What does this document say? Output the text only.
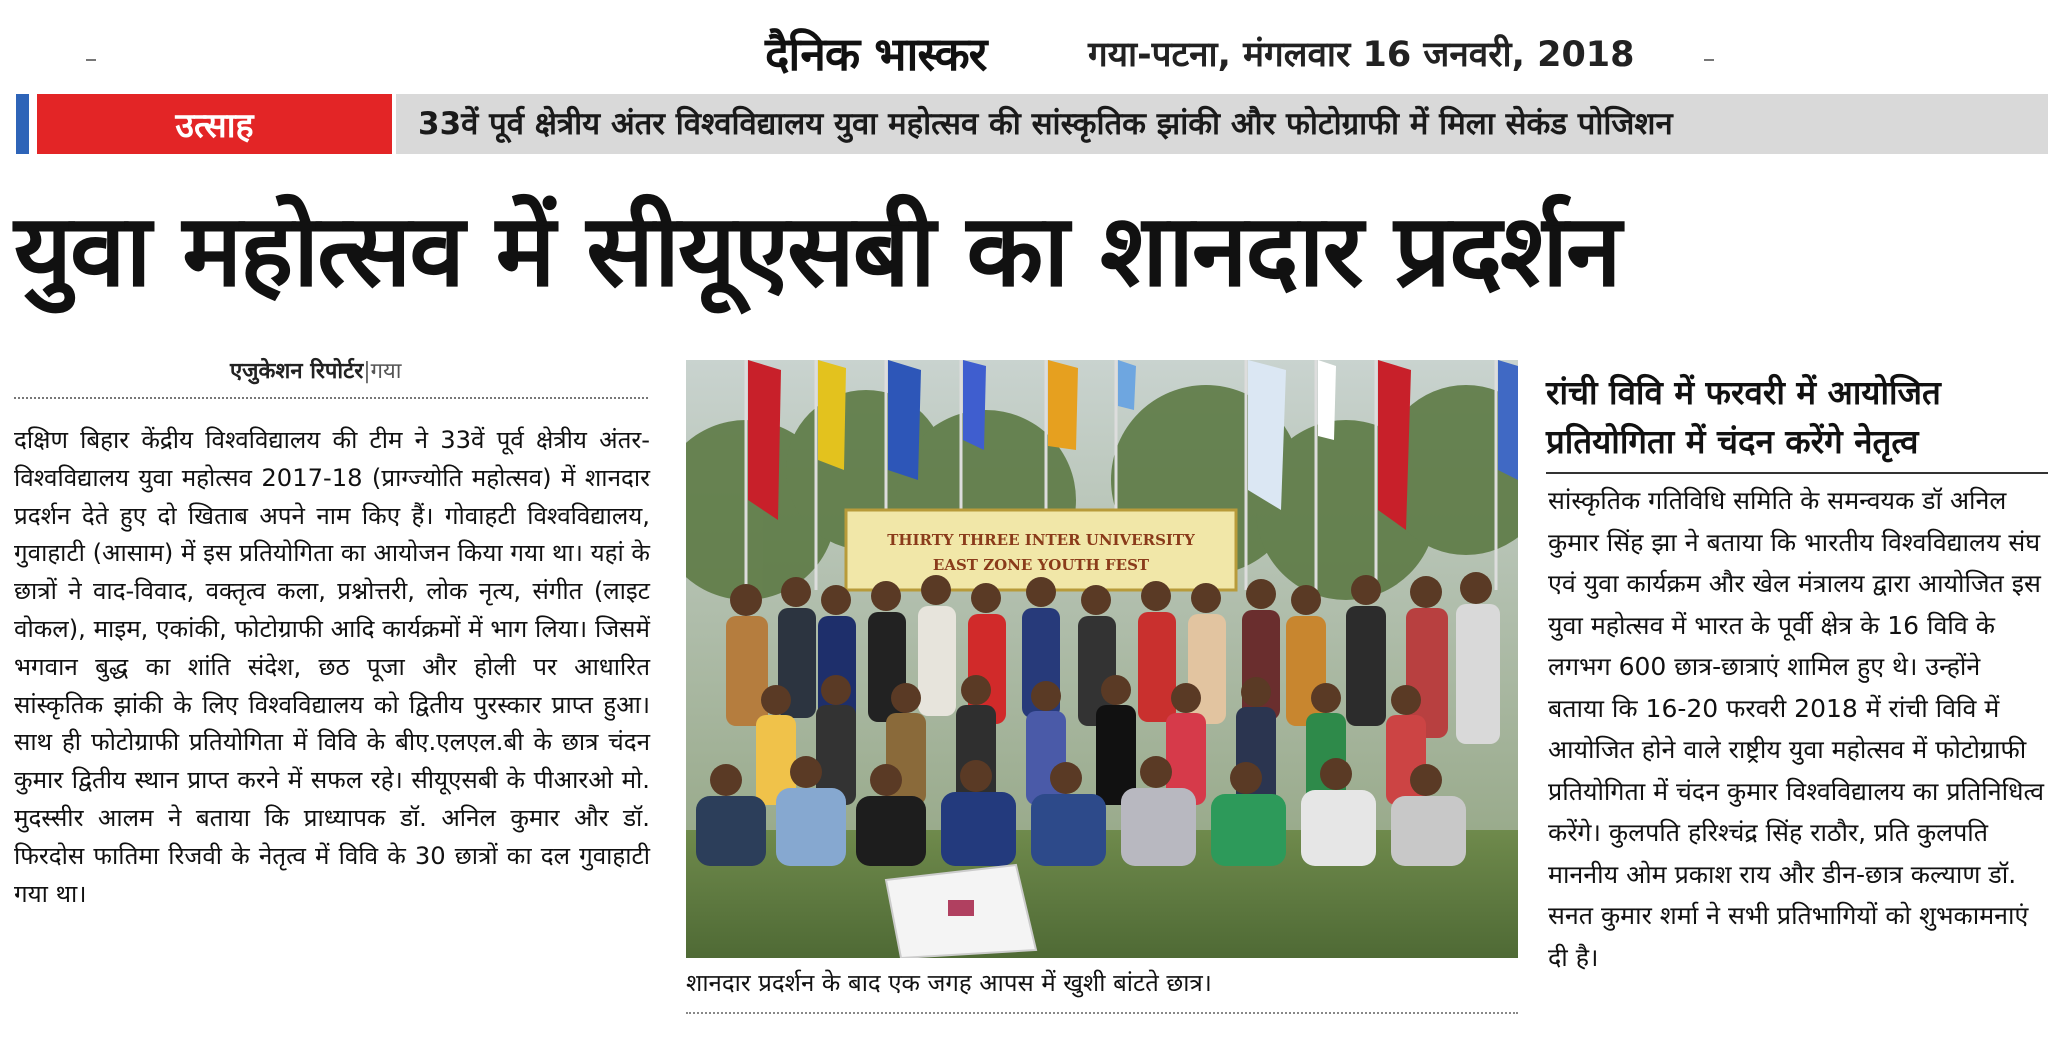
दैनिक भास्कर	गया-पटना, मंगलवार 16 जनवरी, 2018
उत्साह	33वें पूर्व क्षेत्रीय अंतर विश्वविद्यालय युवा महोत्सव की सांस्कृतिक झांकी और फोटोग्राफी में मिला सेकंड पोजिशन
युवा महोत्सव में सीयूएसबी का शानदार प्रदर्शन
एजुकेशन रिपोर्टर|गया
दक्षिण बिहार केंद्रीय विश्वविद्यालय की टीम ने 33वें पूर्व क्षेत्रीय अंतर-विश्वविद्यालय युवा महोत्सव 2017-18 (प्राग्ज्योति महोत्सव) में शानदार प्रदर्शन देते हुए दो खिताब अपने नाम किए हैं। गोवाहटी विश्वविद्यालय, गुवाहाटी (आसाम) में इस प्रतियोगिता का आयोजन किया गया था। यहां के छात्रों ने वाद-विवाद, वक्तृत्व कला, प्रश्नोत्तरी, लोक नृत्य, संगीत (लाइट वोकल), माइम, एकांकी, फोटोग्राफी आदि कार्यक्रमों में भाग लिया। जिसमें भगवान बुद्ध का शांति संदेश, छठ पूजा और होली पर आधारित सांस्कृतिक झांकी के लिए विश्वविद्यालय को द्वितीय पुरस्कार प्राप्त हुआ। साथ ही फोटोग्राफी प्रतियोगिता में विवि के बीए.एलएल.बी के छात्र चंदन कुमार द्वितीय स्थान प्राप्त करने में सफल रहे। सीयूएसबी के पीआरओ मो. मुदस्सीर आलम ने बताया कि प्राध्यापक डॉ. अनिल कुमार और डॉ. फिरदोस फातिमा रिजवी के नेतृत्व में विवि के 30 छात्रों का दल गुवाहाटी गया था।
THIRTY THREE INTER UNIVERSITY
EAST ZONE YOUTH FEST
शानदार प्रदर्शन के बाद एक जगह आपस में खुशी बांटते छात्र।
रांची विवि में फरवरी में आयोजित प्रतियोगिता में चंदन करेंगे नेतृत्व
सांस्कृतिक गतिविधि समिति के समन्वयक डॉ अनिल कुमार सिंह झा ने बताया कि भारतीय विश्वविद्यालय संघ एवं युवा कार्यक्रम और खेल मंत्रालय द्वारा आयोजित इस युवा महोत्सव में भारत के पूर्वी क्षेत्र के 16 विवि के लगभग 600 छात्र-छात्राएं शामिल हुए थे। उन्होंने बताया कि 16-20 फरवरी 2018 में रांची विवि में आयोजित होने वाले राष्ट्रीय युवा महोत्सव में फोटोग्राफी प्रतियोगिता में चंदन कुमार विश्वविद्यालय का प्रतिनिधित्व करेंगे। कुलपति हरिश्चंद्र सिंह राठौर, प्रति कुलपति माननीय ओम प्रकाश राय और डीन-छात्र कल्याण डॉ. सनत कुमार शर्मा ने सभी प्रतिभागियों को शुभकामनाएं दी है।
